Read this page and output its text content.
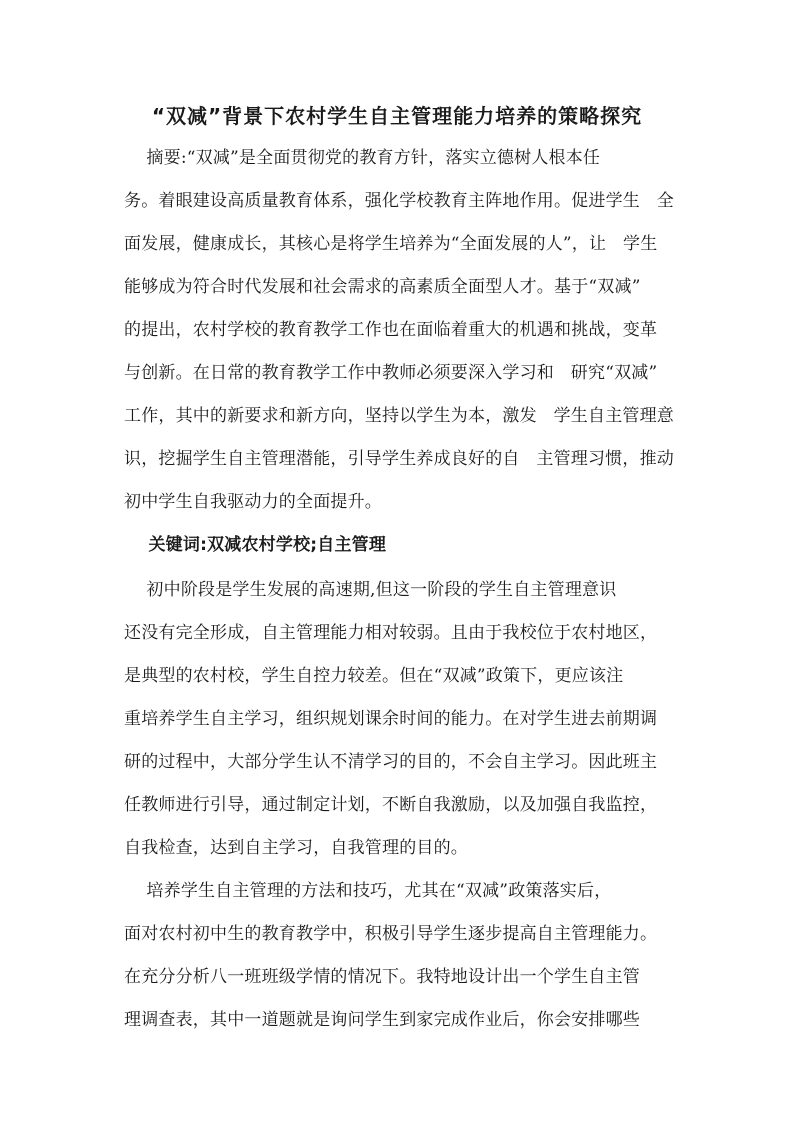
“双减”背景下农村学生自主管理能力培养的策略探究
摘要:“双减”是全面贯彻党的教育方针，落实立德树人根本任
务。着眼建设高质量教育体系，强化学校教育主阵地作用。促进学生   全
面发展，健康成长，其核心是将学生培养为“全面发展的人”，让   学生
能够成为符合时代发展和社会需求的高素质全面型人才。基于“双减”
的提出，农村学校的教育教学工作也在面临着重大的机遇和挑战，变革
与创新。在日常的教育教学工作中教师必须要深入学习和   研究“双减”
工作，其中的新要求和新方向，坚持以学生为本，激发   学生自主管理意
识，挖掘学生自主管理潜能，引导学生养成良好的自   主管理习惯，推动
初中学生自我驱动力的全面提升。
关键词:双减农村学校;自主管理
初中阶段是学生发展的高速期,但这一阶段的学生自主管理意识
还没有完全形成，自主管理能力相对较弱。且由于我校位于农村地区，
是典型的农村校，学生自控力较差。但在“双减”政策下，更应该注
重培养学生自主学习，组织规划课余时间的能力。在对学生进去前期调
研的过程中，大部分学生认不清学习的目的，不会自主学习。因此班主
任教师进行引导，通过制定计划，不断自我激励，以及加强自我监控，
自我检查，达到自主学习，自我管理的目的。
培养学生自主管理的方法和技巧，尤其在“双减”政策落实后，
面对农村初中生的教育教学中，积极引导学生逐步提高自主管理能力。
在充分分析八一班班级学情的情况下。我特地设计出一个学生自主管
理调查表，其中一道题就是询问学生到家完成作业后，你会安排哪些
